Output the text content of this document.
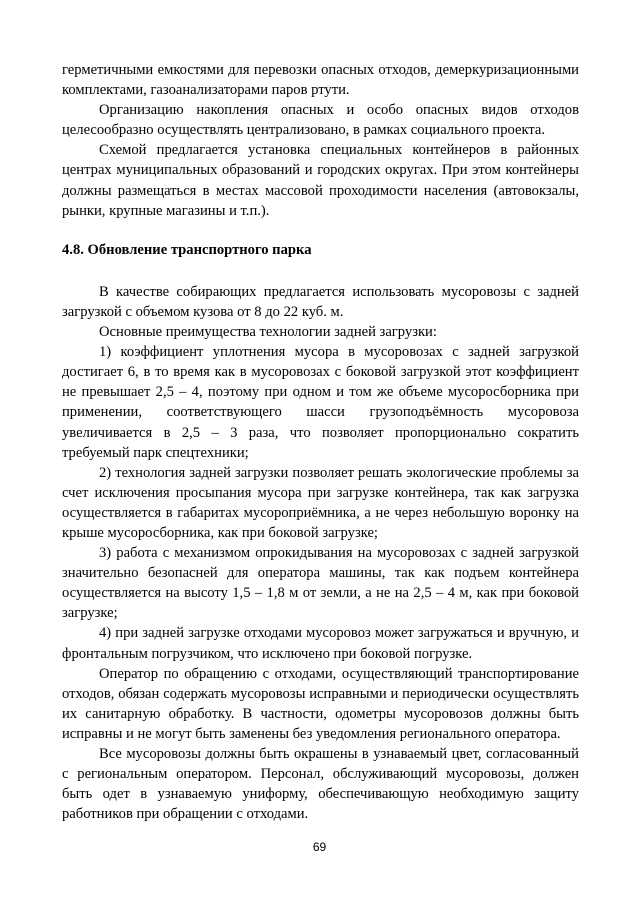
герметичными емкостями для перевозки опасных отходов, демеркуризационными комплектами, газоанализаторами паров ртути.

Организацию накопления опасных и особо опасных видов отходов целесообразно осуществлять централизовано, в рамках социального проекта.

Схемой предлагается установка специальных контейнеров в районных центрах муниципальных образований и городских округах. При этом контейнеры должны размещаться в местах массовой проходимости населения (автовокзалы, рынки, крупные магазины и т.п.).

4.8. Обновление транспортного парка

В качестве собирающих предлагается использовать мусоровозы с задней загрузкой с объемом кузова от 8 до 22 куб. м.

Основные преимущества технологии задней загрузки:

1) коэффициент уплотнения мусора в мусоровозах с задней загрузкой достигает 6, в то время как в мусоровозах с боковой загрузкой этот коэффициент не превышает 2,5 – 4, поэтому при одном и том же объеме мусоросборника при применении, соответствующего шасси грузоподъёмность мусоровоза увеличивается в 2,5 – 3 раза, что позволяет пропорционально сократить требуемый парк спецтехники;

2) технология задней загрузки позволяет решать экологические проблемы за счет исключения просыпания мусора при загрузке контейнера, так как загрузка осуществляется в габаритах мусороприёмника, а не через небольшую воронку на крыше мусоросборника, как при боковой загрузке;

3) работа с механизмом опрокидывания на мусоровозах с задней загрузкой значительно безопасней для оператора машины, так как подъем контейнера осуществляется на высоту 1,5 – 1,8 м от земли, а не на 2,5 – 4 м, как при боковой загрузке;

4) при задней загрузке отходами мусоровоз может загружаться и вручную, и фронтальным погрузчиком, что исключено при боковой погрузке.

Оператор по обращению с отходами, осуществляющий транспортирование отходов, обязан содержать мусоровозы исправными и периодически осуществлять их санитарную обработку. В частности, одометры мусоровозов должны быть исправны и не могут быть заменены без уведомления регионального оператора.

Все мусоровозы должны быть окрашены в узнаваемый цвет, согласованный с региональным оператором. Персонал, обслуживающий мусоровозы, должен быть одет в узнаваемую униформу, обеспечивающую необходимую защиту работников при обращении с отходами.

69
